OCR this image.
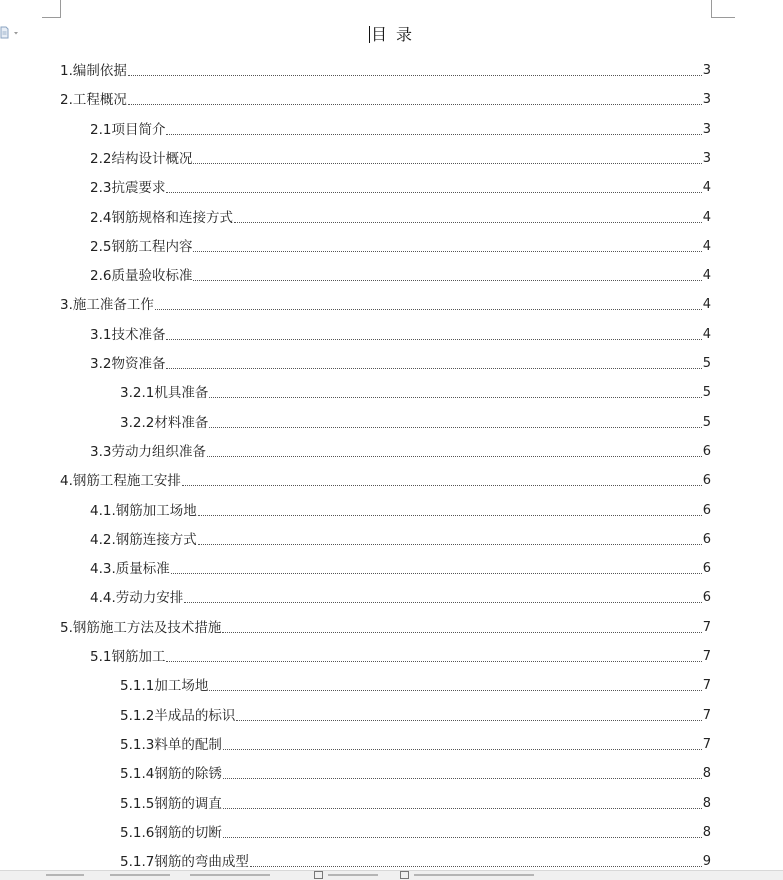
目 录
1.编制依据	3
2.工程概况	3
2.1项目简介	3
2.2结构设计概况	3
2.3抗震要求	4
2.4钢筋规格和连接方式	4
2.5钢筋工程内容	4
2.6质量验收标准	4
3.施工准备工作	4
3.1技术准备	4
3.2物资准备	5
3.2.1机具准备	5
3.2.2材料准备	5
3.3劳动力组织准备	6
4.钢筋工程施工安排	6
4.1.钢筋加工场地	6
4.2.钢筋连接方式	6
4.3.质量标准	6
4.4.劳动力安排	6
5.钢筋施工方法及技术措施	7
5.1钢筋加工	7
5.1.1加工场地	7
5.1.2半成品的标识	7
5.1.3料单的配制	7
5.1.4钢筋的除锈	8
5.1.5钢筋的调直	8
5.1.6钢筋的切断	8
5.1.7钢筋的弯曲成型	9
